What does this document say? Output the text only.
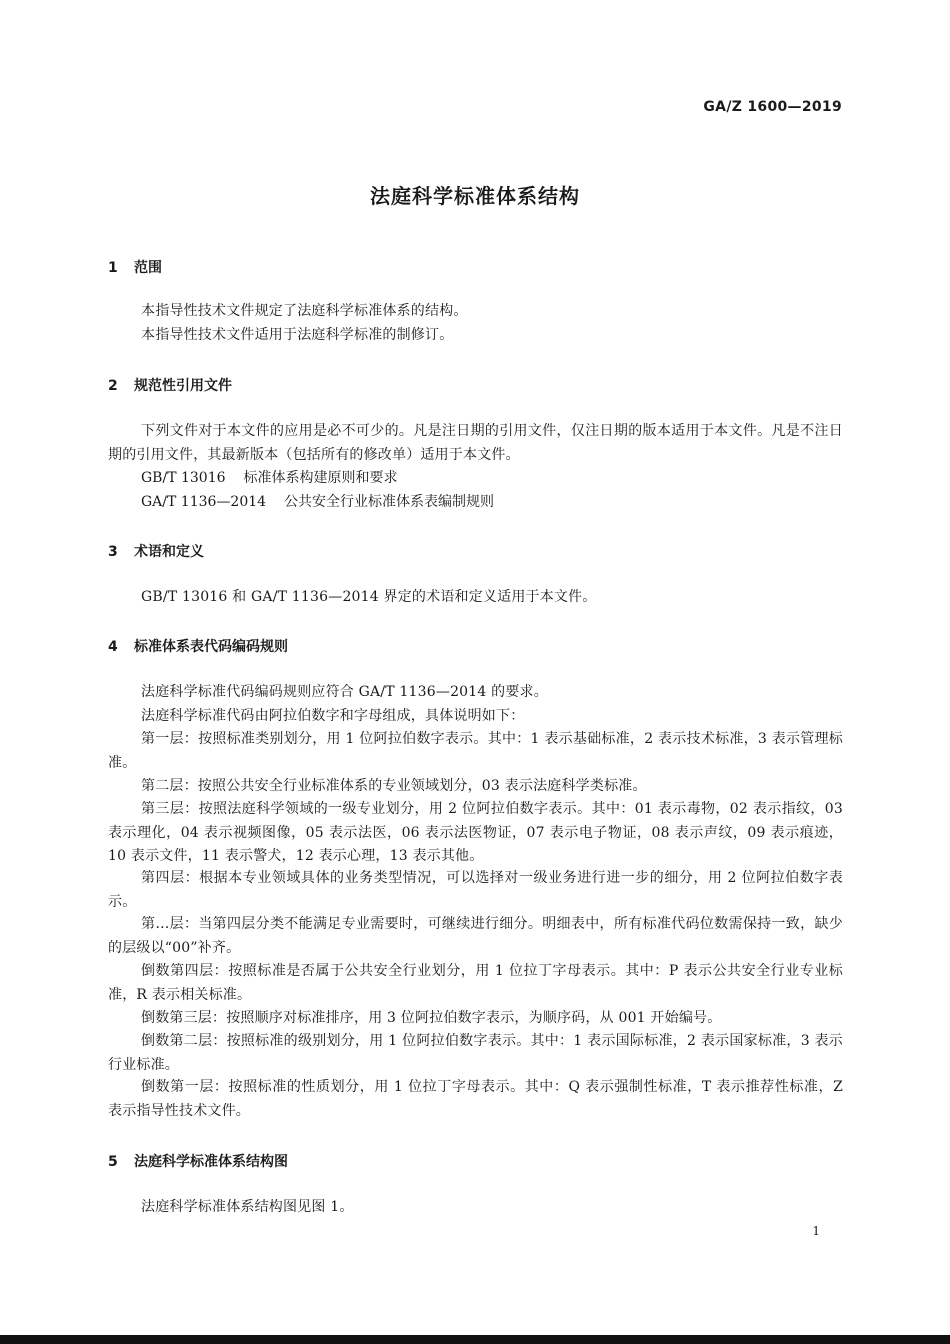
GA/Z 1600—2019
法庭科学标准体系结构
1 范围
本指导性技术文件规定了法庭科学标准体系的结构。
本指导性技术文件适用于法庭科学标准的制修订。
2 规范性引用文件
下列文件对于本文件的应用是必不可少的。凡是注日期的引用文件，仅注日期的版本适用于本文件。凡是不注日期的引用文件，其最新版本（包括所有的修改单）适用于本文件。
GB/T 13016 标准体系构建原则和要求
GA/T 1136—2014 公共安全行业标准体系表编制规则
3 术语和定义
GB/T 13016 和 GA/T 1136—2014 界定的术语和定义适用于本文件。
4 标准体系表代码编码规则
法庭科学标准代码编码规则应符合 GA/T 1136—2014 的要求。
法庭科学标准代码由阿拉伯数字和字母组成，具体说明如下：
第一层：按照标准类别划分，用 1 位阿拉伯数字表示。其中：1 表示基础标准，2 表示技术标准，3 表示管理标准。
第二层：按照公共安全行业标准体系的专业领域划分，03 表示法庭科学类标准。
第三层：按照法庭科学领域的一级专业划分，用 2 位阿拉伯数字表示。其中：01 表示毒物，02 表示指纹，03 表示理化，04 表示视频图像，05 表示法医，06 表示法医物证，07 表示电子物证，08 表示声纹，09 表示痕迹，10 表示文件，11 表示警犬，12 表示心理，13 表示其他。
第四层：根据本专业领域具体的业务类型情况，可以选择对一级业务进行进一步的细分，用 2 位阿拉伯数字表示。
第…层：当第四层分类不能满足专业需要时，可继续进行细分。明细表中，所有标准代码位数需保持一致，缺少的层级以“00”补齐。
倒数第四层：按照标准是否属于公共安全行业划分，用 1 位拉丁字母表示。其中：P 表示公共安全行业专业标准，R 表示相关标准。
倒数第三层：按照顺序对标准排序，用 3 位阿拉伯数字表示，为顺序码，从 001 开始编号。
倒数第二层：按照标准的级别划分，用 1 位阿拉伯数字表示。其中：1 表示国际标准，2 表示国家标准，3 表示行业标准。
倒数第一层：按照标准的性质划分，用 1 位拉丁字母表示。其中：Q 表示强制性标准，T 表示推荐性标准，Z 表示指导性技术文件。
5 法庭科学标准体系结构图
法庭科学标准体系结构图见图 1。
1
